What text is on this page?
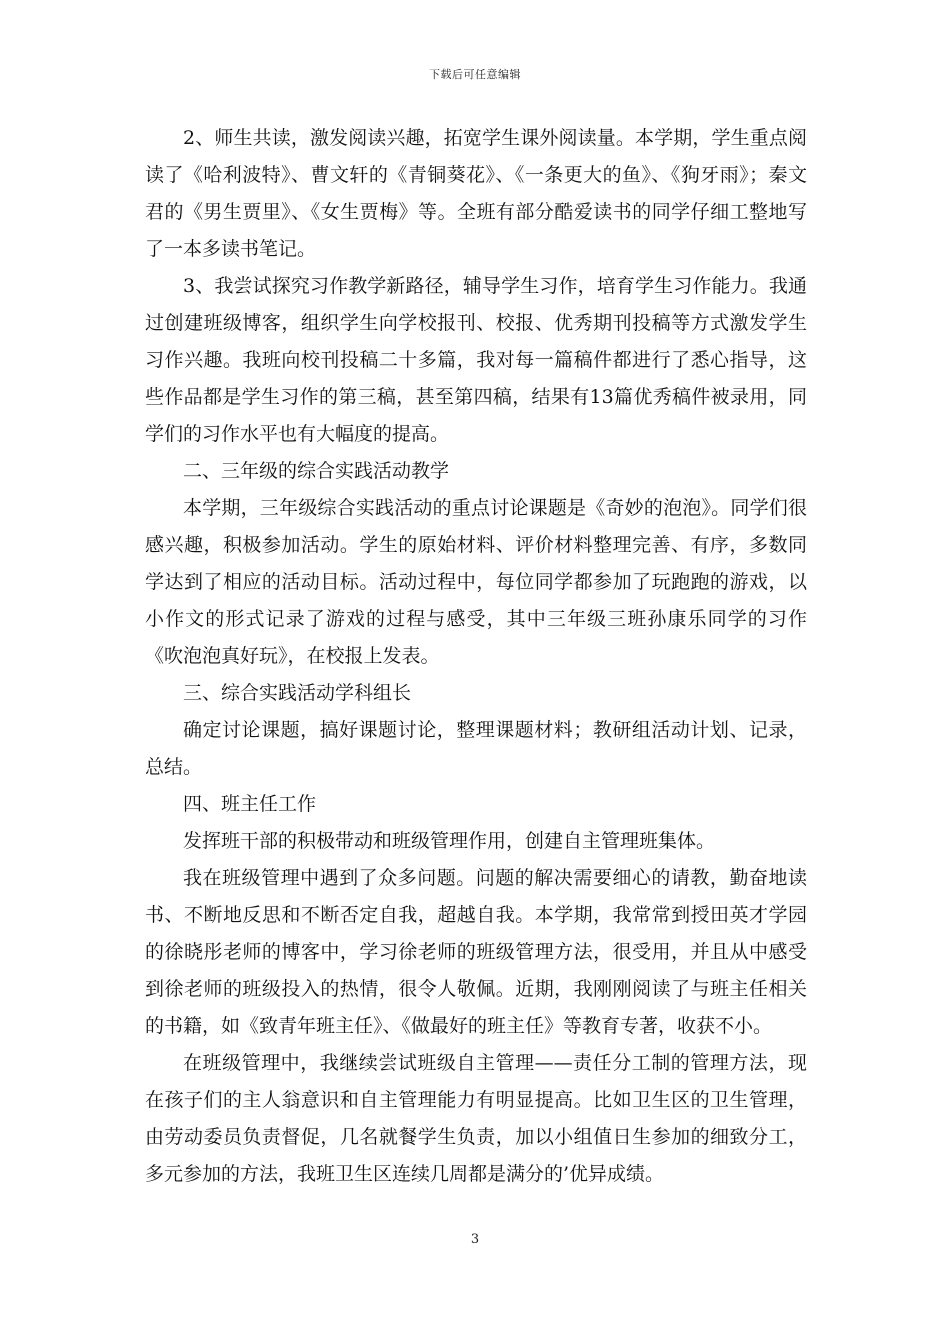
下载后可任意编辑

2、师生共读，激发阅读兴趣，拓宽学生课外阅读量。本学期，学生重点阅读了《哈利波特》、曹文轩的《青铜葵花》、《一条更大的鱼》、《狗牙雨》；秦文君的《男生贾里》、《女生贾梅》等。全班有部分酷爱读书的同学仔细工整地写了一本多读书笔记。

3、我尝试探究习作教学新路径，辅导学生习作，培育学生习作能力。我通过创建班级博客，组织学生向学校报刊、校报、优秀期刊投稿等方式激发学生习作兴趣。我班向校刊投稿二十多篇，我对每一篇稿件都进行了悉心指导，这些作品都是学生习作的第三稿，甚至第四稿，结果有13篇优秀稿件被录用，同学们的习作水平也有大幅度的提高。

二、三年级的综合实践活动教学

本学期，三年级综合实践活动的重点讨论课题是《奇妙的泡泡》。同学们很感兴趣，积极参加活动。学生的原始材料、评价材料整理完善、有序，多数同学达到了相应的活动目标。活动过程中，每位同学都参加了玩跑跑的游戏，以小作文的形式记录了游戏的过程与感受，其中三年级三班孙康乐同学的习作《吹泡泡真好玩》，在校报上发表。

三、综合实践活动学科组长

确定讨论课题，搞好课题讨论，整理课题材料；教研组活动计划、记录，总结。

四、班主任工作

发挥班干部的积极带动和班级管理作用，创建自主管理班集体。

我在班级管理中遇到了众多问题。问题的解决需要细心的请教，勤奋地读书、不断地反思和不断否定自我，超越自我。本学期，我常常到授田英才学园的徐晓彤老师的博客中，学习徐老师的班级管理方法，很受用，并且从中感受到徐老师的班级投入的热情，很令人敬佩。近期，我刚刚阅读了与班主任相关的书籍，如《致青年班主任》、《做最好的班主任》等教育专著，收获不小。

在班级管理中，我继续尝试班级自主管理——责任分工制的管理方法，现在孩子们的主人翁意识和自主管理能力有明显提高。比如卫生区的卫生管理，由劳动委员负责督促，几名就餐学生负责，加以小组值日生参加的细致分工，多元参加的方法，我班卫生区连续几周都是满分的’优异成绩。

3
